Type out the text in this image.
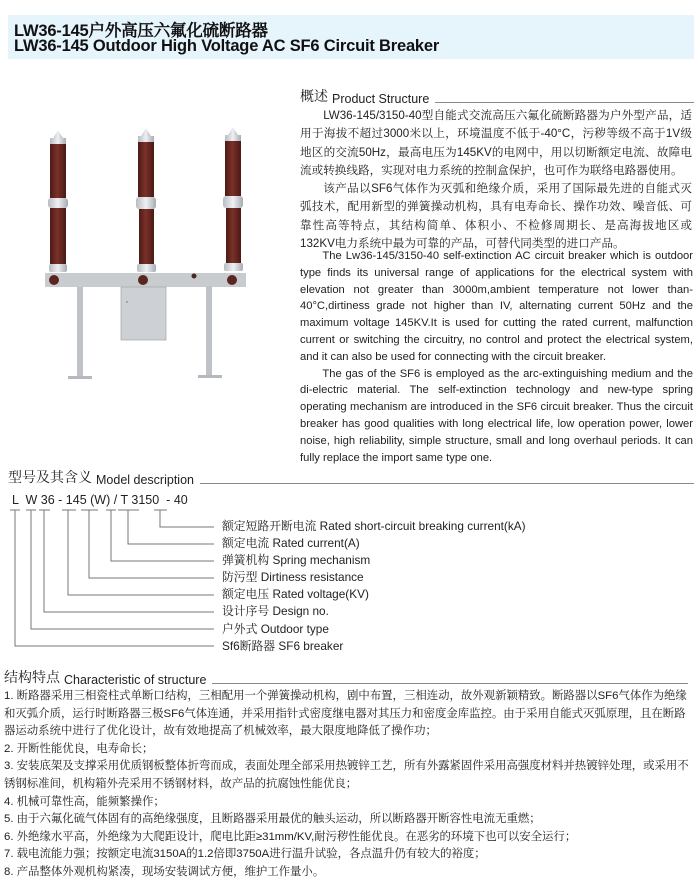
LW36-145户外高压六氟化硫断路器
LW36-145 Outdoor High Voltage AC SF6 Circuit Breaker
概述 Product Structure

LW36-145/3150-40型自能式交流高压六氟化硫断路器为户外型产品，适用于海拔不超过3000米以上，环境温度不低于-40°C，污秽等级不高于1V级地区的交流50Hz，最高电压为145KV的电网中，用以切断额定电流、故障电流或转换线路，实现对电力系统的控制盒保护，也可作为联络电路器使用。

该产品以SF6气体作为灭弧和绝缘介质，采用了国际最先进的自能式灭弧技术，配用新型的弹簧操动机构，具有电寿命长、操作功效、噪音低、可靠性高等特点，其结构简单、体积小、不检修周期长、是高海拔地区或132KV电力系统中最为可靠的产品，可替代同类型的进口产品。

The Lw36-145/3150-40 self-extinction AC circuit breaker which is outdoor type finds its universal range of applications for the electrical system with elevation not greater than 3000m,ambient temperature not lower than-40°C,dirtiness grade not higher than IV, alternating current 50Hz and the maximum voltage 145KV.It is used for cutting the rated current, malfunction current or switching the circuitry, no control and protect the electrical system, and it can also be used for connecting with the circuit breaker.

The gas of the SF6 is employed as the arc-extinguishing medium and the di-electric material. The self-extinction technology and new-type spring operating mechanism are introduced in the SF6 circuit breaker. Thus the circuit breaker has good qualities with long electrical life, low operation power, lower noise, high reliability, simple structure, small and long overhaul periods. It can fully replace the import same type one.

型号及其含义 Model description
L W 36 - 145 (W) / T 3150 - 40
额定短路开断电流 Rated short-circuit breaking current(kA)
额定电流 Rated current(A)
弹簧机构 Spring mechanism
防污型 Dirtiness resistance
额定电压 Rated voltage(KV)
设计序号 Design no.
户外式 Outdoor type
Sf6断路器 SF6 breaker
结构特点 Characteristic of structure

1. 断路器采用三相瓷柱式单断口结构，三相配用一个弹簧操动机构，剧中布置，三相连动，故外观新颖精致。断路器以SF6气体作为绝缘和灭弧介质，运行时断路器三极SF6气体连通，并采用指针式密度继电器对其压力和密度金库监控。由于采用自能式灭弧原理，且在断路器运动系统中进行了优化设计，故有效地提高了机械效率，最大限度地降低了操作功；

2. 开断性能优良，电寿命长；

3. 安装底架及支撑采用优质钢板整体折弯而成，表面处理全部采用热镀锌工艺，所有外露紧固件采用高强度材料并热镀锌处理，或采用不锈钢标准间，机构箱外壳采用不锈钢材料，故产品的抗腐蚀性能优良；

4. 机械可靠性高，能频繁操作；

5. 由于六氟化硫气体固有的高绝缘强度，且断路器采用最优的触头运动，所以断路器开断容性电流无重燃；

6. 外绝缘水平高，外绝缘为大爬距设计，爬电比距≥31mm/KV,耐污秽性能优良。在恶劣的环境下也可以安全运行；

7. 载电流能力强；按额定电流3150A的1.2倍即3750A进行温升试验，各点温升仍有较大的裕度；

8. 产品整体外观机构紧凑，现场安装调试方便，维护工作量小。
